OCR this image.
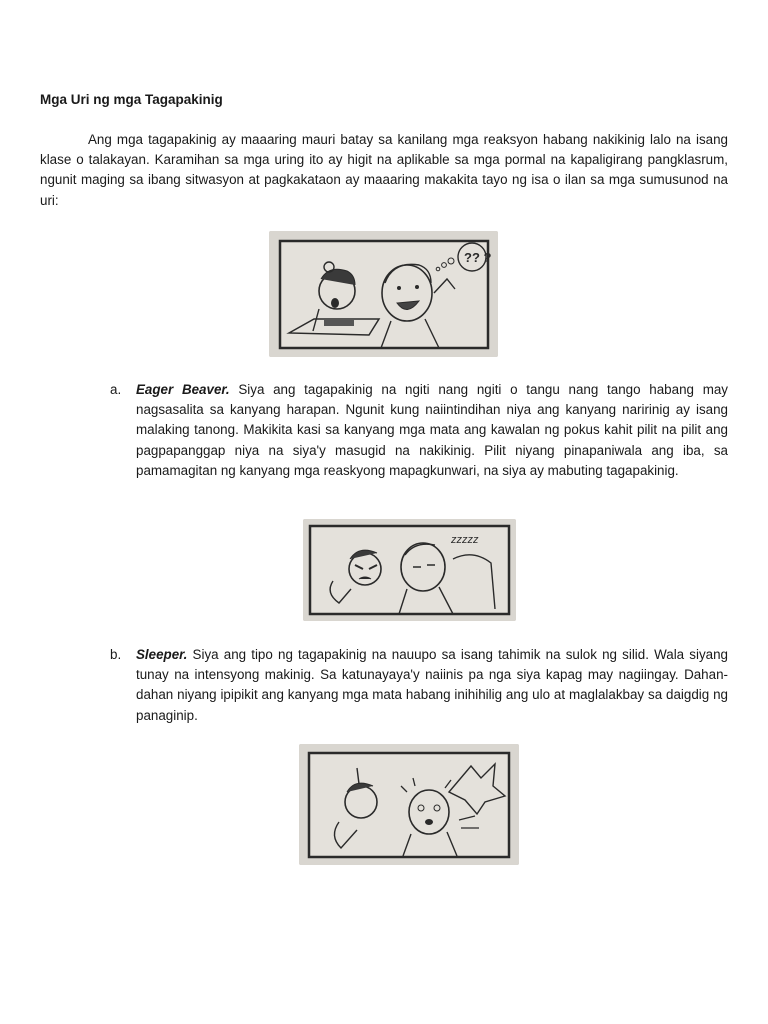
Mga Uri ng mga Tagapakinig

Ang mga tagapakinig ay maaaring mauri batay sa kanilang mga reaksyon habang nakikinig lalo na isang klase o talakayan. Karamihan sa mga uring ito ay higit na aplikable sa mga pormal na kapaligirang pangklasrum, ngunit maging sa ibang sitwasyon at pagkakataon ay maaaring makakita tayo ng isa o ilan sa mga sumusunod na uri:

?? ?
a.	Eager Beaver. Siya ang tagapakinig na ngiti nang ngiti o tangu nang tango habang may nagsasalita sa kanyang harapan. Ngunit kung naiintindihan niya ang kanyang naririnig ay isang malaking tanong. Makikita kasi sa kanyang mga mata ang kawalan ng pokus kahit pilit na pilit ang pagpapanggap niya na siya'y masugid na nakikinig. Pilit niyang pinapaniwala ang iba, sa pamamagitan ng kanyang mga reaskyong mapagkunwari, na siya ay mabuting tagapakinig.
zzzzz
b.	Sleeper. Siya ang tipo ng tagapakinig na nauupo sa isang tahimik na sulok ng silid. Wala siyang tunay na intensyong makinig. Sa katunayaya'y naiinis pa nga siya kapag may nagiingay. Dahan-dahan niyang ipipikit ang kanyang mga mata habang inihihilig ang ulo at maglalakbay sa daigdig ng panaginip.
